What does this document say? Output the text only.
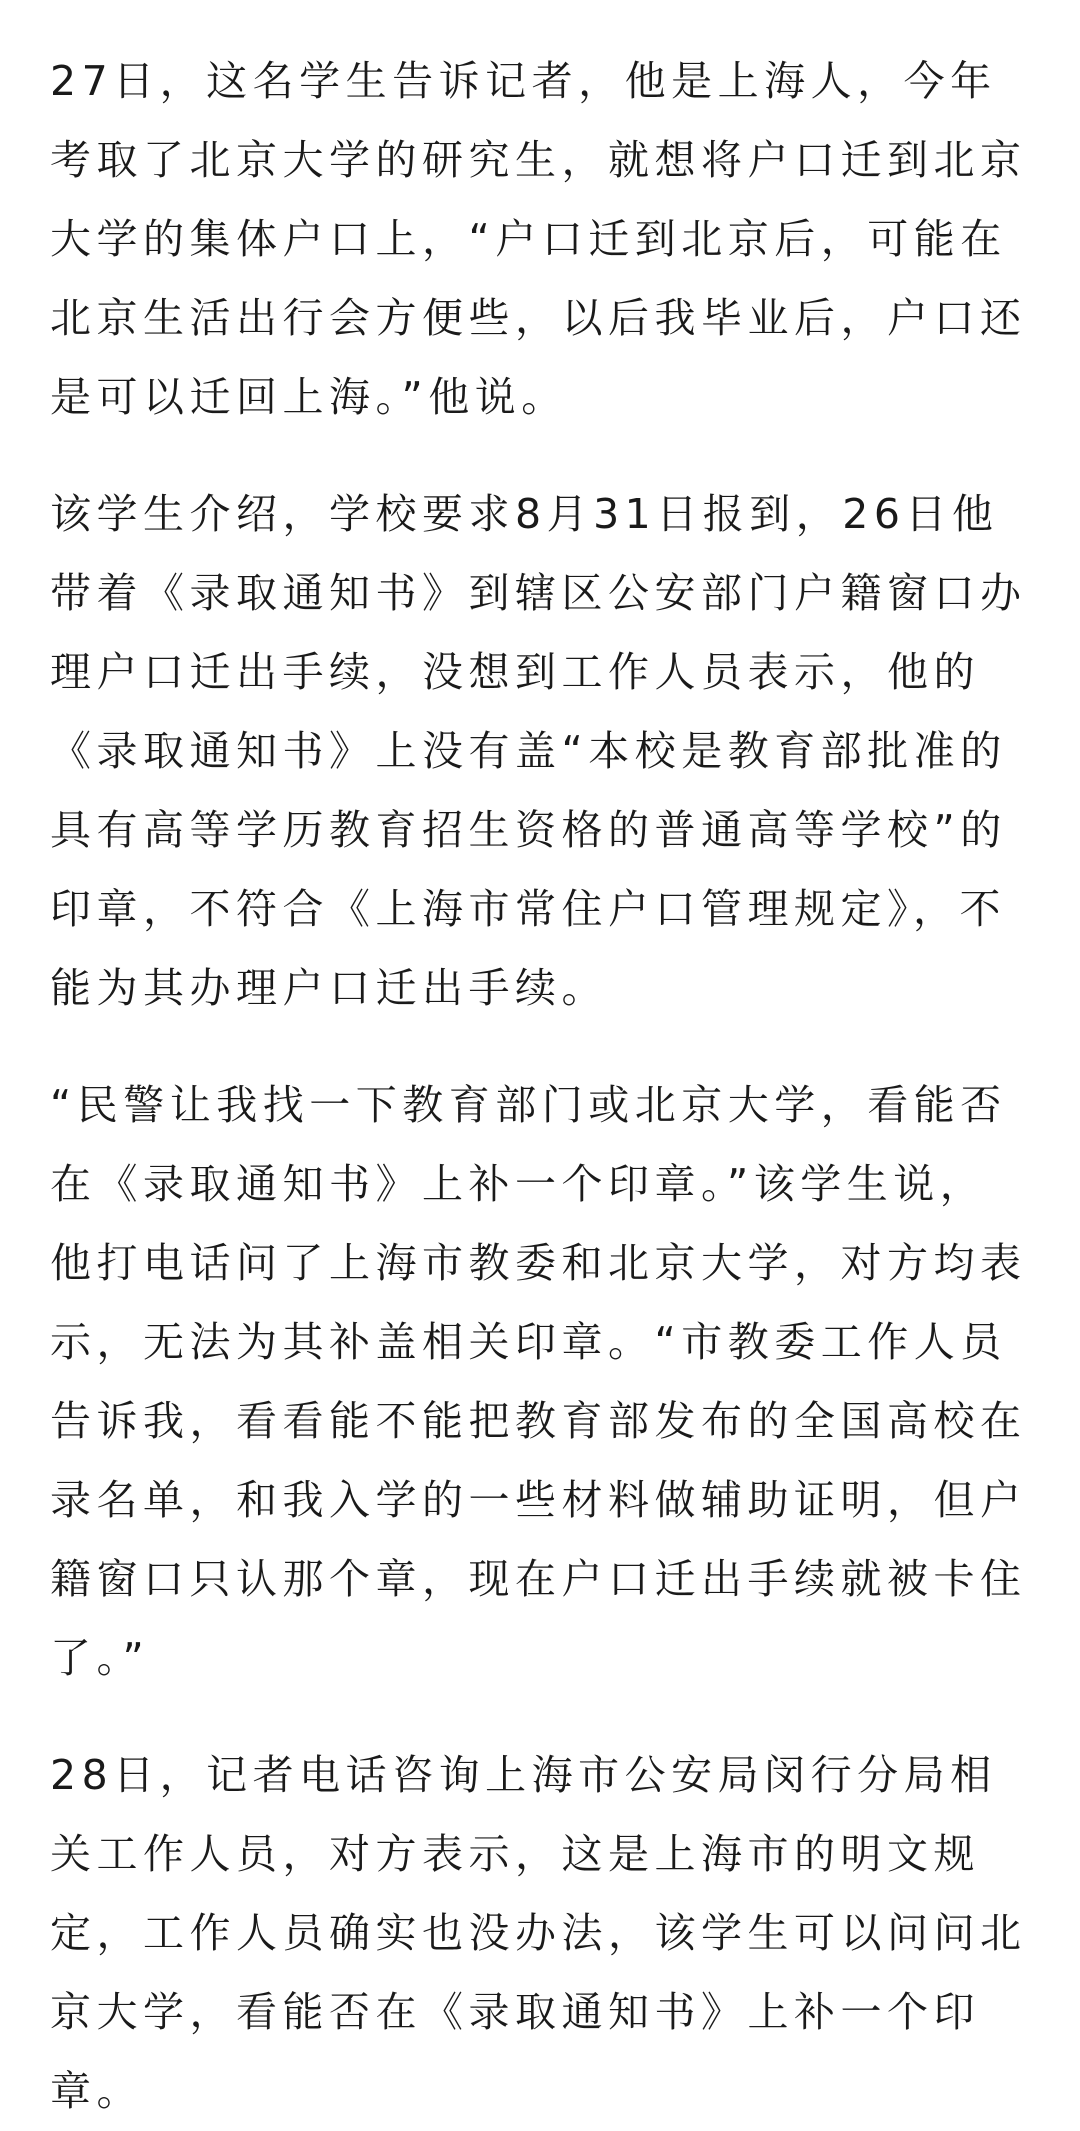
27日，这名学生告诉记者，他是上海人，今年考取了北京大学的研究生，就想将户口迁到北京大学的集体户口上，“户口迁到北京后，可能在北京生活出行会方便些，以后我毕业后，户口还是可以迁回上海。”他说。

该学生介绍，学校要求8月31日报到，26日他带着《录取通知书》到辖区公安部门户籍窗口办理户口迁出手续，没想到工作人员表示，他的《录取通知书》上没有盖“本校是教育部批准的具有高等学历教育招生资格的普通高等学校”的印章，不符合《上海市常住户口管理规定》，不能为其办理户口迁出手续。

“民警让我找一下教育部门或北京大学，看能否在《录取通知书》上补一个印章。”该学生说，他打电话问了上海市教委和北京大学，对方均表示，无法为其补盖相关印章。“市教委工作人员告诉我，看看能不能把教育部发布的全国高校在录名单，和我入学的一些材料做辅助证明，但户籍窗口只认那个章，现在户口迁出手续就被卡住了。”

28日，记者电话咨询上海市公安局闵行分局相关工作人员，对方表示，这是上海市的明文规定，工作人员确实也没办法，该学生可以问问北京大学，看能否在《录取通知书》上补一个印章。
